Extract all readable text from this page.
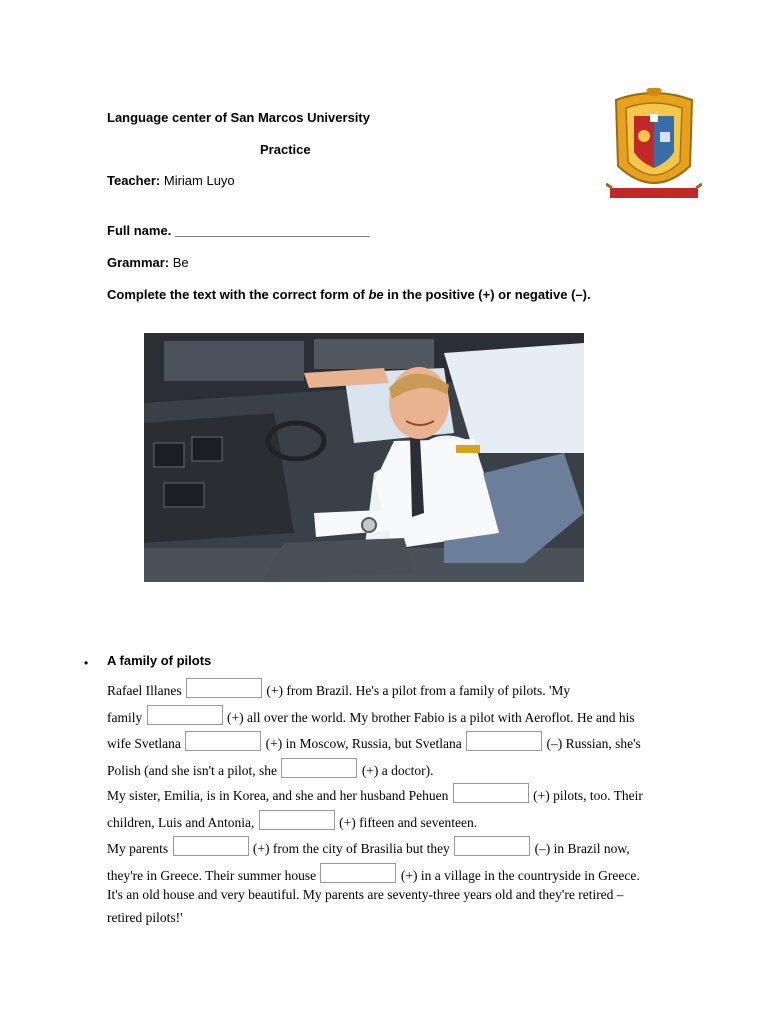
Language center of San Marcos University
Practice
Teacher: Miriam Luyo
Full name. ___________________________
Grammar: Be
Complete the text with the correct form of be in the positive (+) or negative (–).
• A family of pilots
Rafael Illanes	(+) from Brazil. He's a pilot from a family of pilots. 'My
family	(+) all over the world. My brother Fabio is a pilot with Aeroflot. He and his
wife Svetlana	(+) in Moscow, Russia, but Svetlana	(–) Russian, she's
Polish (and she isn't a pilot, she	(+) a doctor).
My sister, Emilia, is in Korea, and she and her husband Pehuen	(+) pilots, too. Their
children, Luis and Antonia,	(+) fifteen and seventeen.
My parents	(+) from the city of Brasilia but they	(–) in Brazil now,
they're in Greece. Their summer house	(+) in a village in the countryside in Greece.
It's an old house and very beautiful. My parents are seventy-three years old and they're retired –
retired pilots!'
